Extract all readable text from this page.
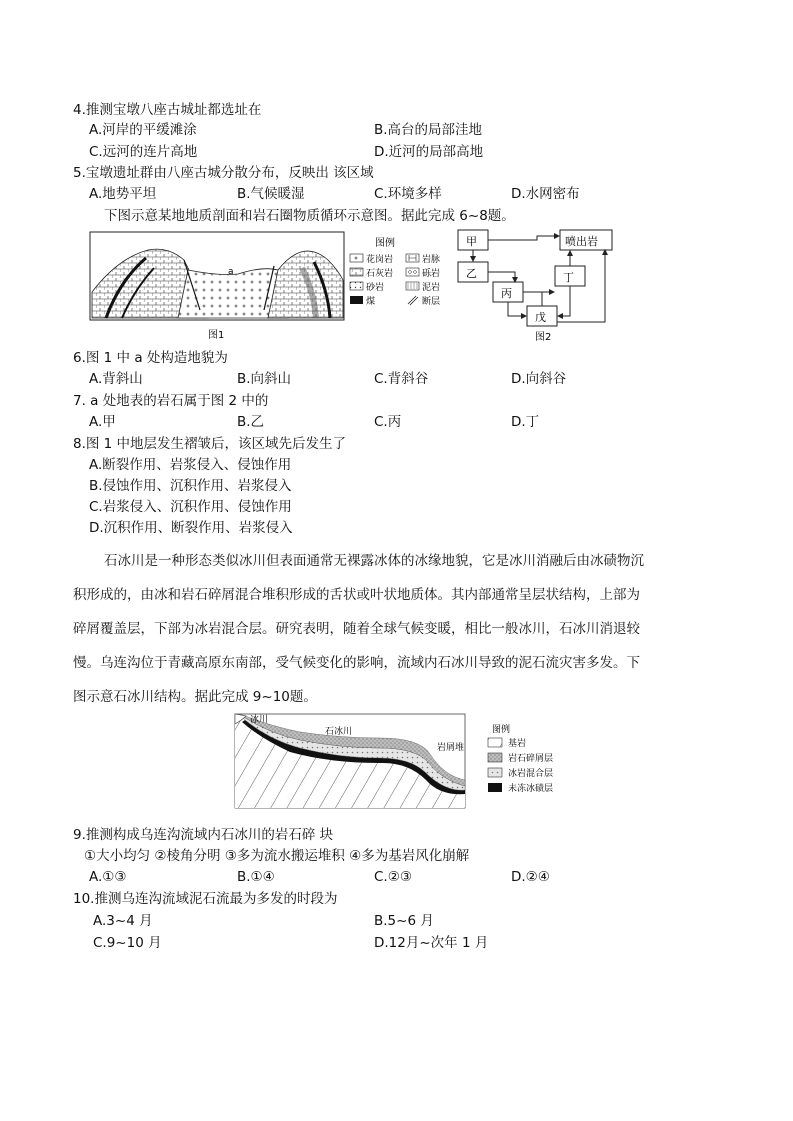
4.推测宝墩八座古城址都选址在
A.河岸的平缓滩涂	B.高台的局部洼地
C.远河的连片高地	D.近河的局部高地
5.宝墩遗址群由八座古城分散分布，反映出 该区域
A.地势平坦	B.气候暖湿	C.环境多样	D.水网密布
下图示意某地地质剖面和岩石圈物质循环示意图。据此完成 6~8题。
a
图1
图例
花岗岩	岩脉
石灰岩	砾岩
砂岩	泥岩
煤	断层
甲
乙
丙
丁
戊
喷出岩
图2
6.图 1 中 a 处构造地貌为
A.背斜山	B.向斜山	C.背斜谷	D.向斜谷
7. a 处地表的岩石属于图 2 中的
A.甲	B.乙	C.丙	D.丁
8.图 1 中地层发生褶皱后，该区域先后发生了
A.断裂作用、岩浆侵入、侵蚀作用
B.侵蚀作用、沉积作用、岩浆侵入
C.岩浆侵入、沉积作用、侵蚀作用
D.沉积作用、断裂作用、岩浆侵入
石冰川是一种形态类似冰川但表面通常无裸露冰体的冰缘地貌，它是冰川消融后由冰碛物沉
积形成的，由冰和岩石碎屑混合堆积形成的舌状或叶状地质体。其内部通常呈层状结构，上部为
碎屑覆盖层，下部为冰岩混合层。研究表明，随着全球气候变暖，相比一般冰川，石冰川消退较
慢。乌连沟位于青藏高原东南部，受气候变化的影响，流域内石冰川导致的泥石流灾害多发。下
图示意石冰川结构。据此完成 9~10题。
冰川
石冰川
岩屑堆
图例
基岩
岩石碎屑层
冰岩混合层
未冻冰碛层
9.推测构成乌连沟流域内石冰川的岩石碎 块
①大小均匀 ②棱角分明 ③多为流水搬运堆积 ④多为基岩风化崩解
A.①③	B.①④	C.②③	D.②④
10.推测乌连沟流域泥石流最为多发的时段为
A.3~4 月	B.5~6 月
C.9~10 月	D.12月~次年 1 月
